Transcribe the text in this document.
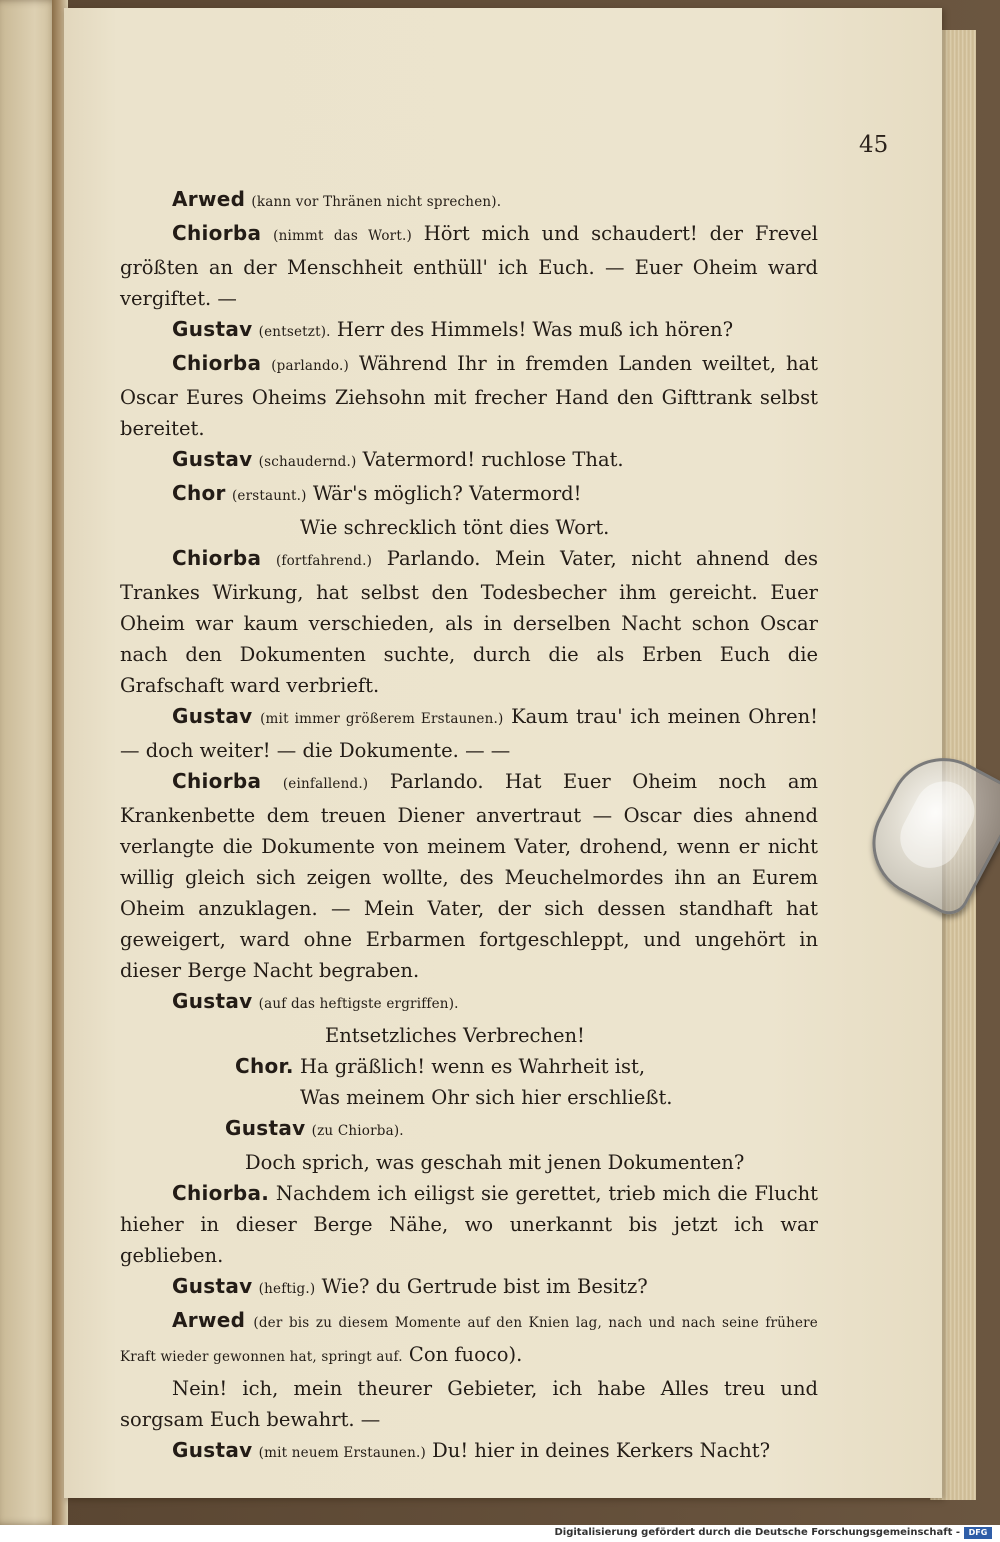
45

Arwed (kann vor Thränen nicht sprechen).

Chiorba (nimmt das Wort.) Hört mich und schaudert! der Frevel größten an der Menschheit enthüll' ich Euch. — Euer Oheim ward vergiftet. —

Gustav (entsetzt). Herr des Himmels! Was muß ich hören?

Chiorba (parlando.) Während Ihr in fremden Landen weiltet, hat Oscar Eures Oheims Ziehsohn mit frecher Hand den Gifttrank selbst bereitet.

Gustav (schaudernd.) Vatermord! ruchlose That.

Chor (erstaunt.) Wär's möglich? Vatermord!

Wie schrecklich tönt dies Wort.

Chiorba (fortfahrend.) Parlando. Mein Vater, nicht ahnend des Trankes Wirkung, hat selbst den Todesbecher ihm gereicht. Euer Oheim war kaum verschieden, als in derselben Nacht schon Oscar nach den Dokumenten suchte, durch die als Erben Euch die Grafschaft ward verbrieft.

Gustav (mit immer größerem Erstaunen.) Kaum trau' ich meinen Ohren! — doch weiter! — die Dokumente. — —

Chiorba (einfallend.) Parlando. Hat Euer Oheim noch am Krankenbette dem treuen Diener anvertraut — Oscar dies ahnend verlangte die Dokumente von meinem Vater, drohend, wenn er nicht willig gleich sich zeigen wollte, des Meuchelmordes ihn an Eurem Oheim anzuklagen. — Mein Vater, der sich dessen standhaft hat geweigert, ward ohne Erbarmen fortgeschleppt, und ungehört in dieser Berge Nacht begraben.

Gustav (auf das heftigste ergriffen).

Entsetzliches Verbrechen!

Chor. Ha gräßlich! wenn es Wahrheit ist,

Was meinem Ohr sich hier erschließt.

Gustav (zu Chiorba).

Doch sprich, was geschah mit jenen Dokumenten?

Chiorba. Nachdem ich eiligst sie gerettet, trieb mich die Flucht hieher in dieser Berge Nähe, wo unerkannt bis jetzt ich war geblieben.

Gustav (heftig.) Wie? du Gertrude bist im Besitz?

Arwed (der bis zu diesem Momente auf den Knien lag, nach und nach seine frühere Kraft wieder gewonnen hat, springt auf. Con fuoco).

Nein! ich, mein theurer Gebieter, ich habe Alles treu und sorgsam Euch bewahrt. —

Gustav (mit neuem Erstaunen.) Du! hier in deines Kerkers Nacht?

Digitalisierung gefördert durch die Deutsche Forschungsgemeinschaft -	DFG
